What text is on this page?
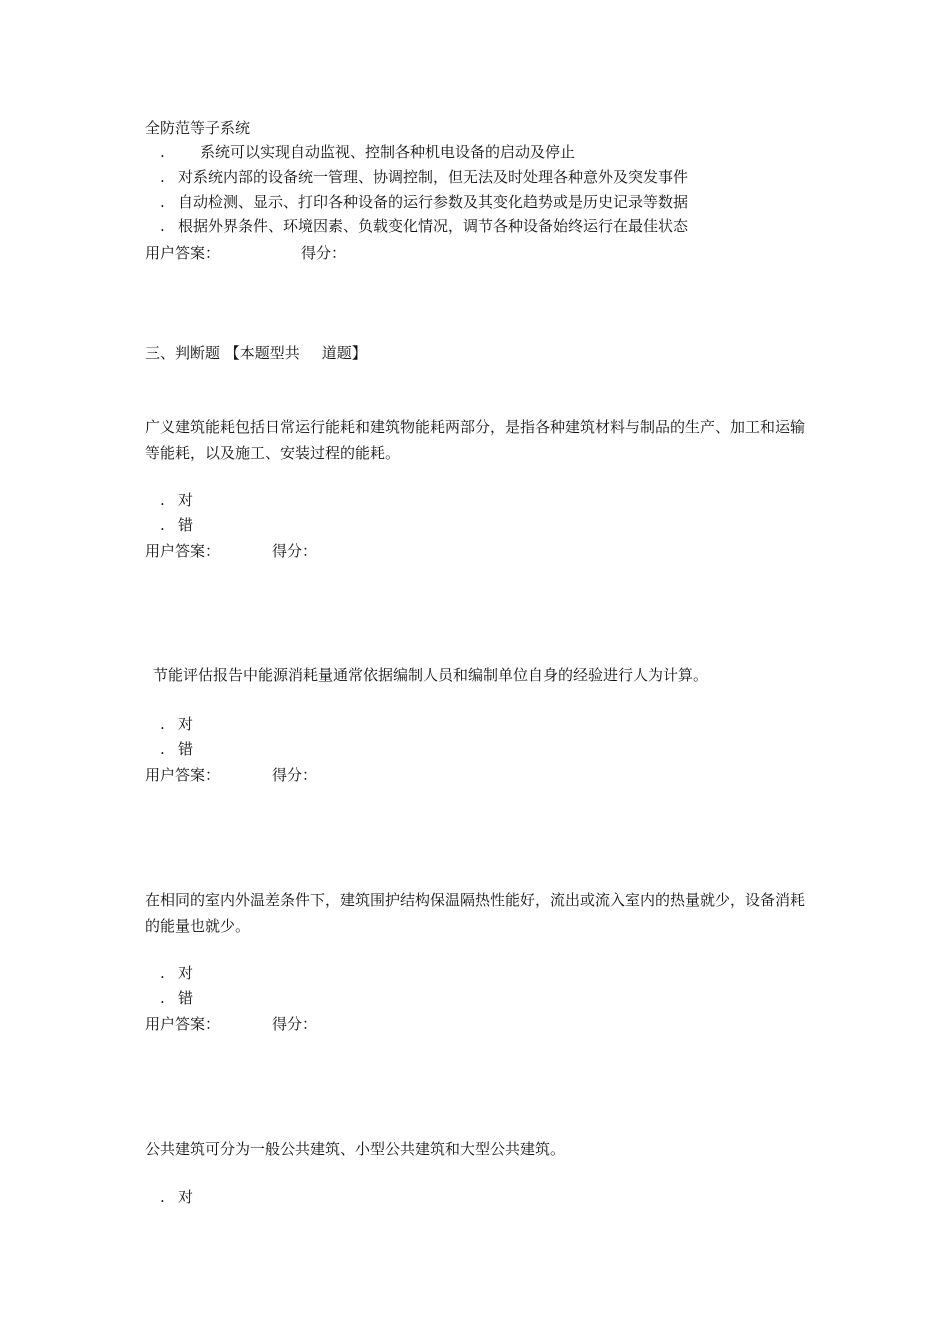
全防范等子系统
. 系统可以实现自动监视、控制各种机电设备的启动及停止
. 对系统内部的设备统一管理、协调控制，但无法及时处理各种意外及突发事件
. 自动检测、显示、打印各种设备的运行参数及其变化趋势或是历史记录等数据
. 根据外界条件、环境因素、负载变化情况，调节各种设备始终运行在最佳状态
用户答案：	得分：
三、判断题 【本题型共 道题】
广义建筑能耗包括日常运行能耗和建筑物能耗两部分，是指各种建筑材料与制品的生产、加工和运输等能耗，以及施工、安装过程的能耗。
. 对
. 错
用户答案：	得分：
节能评估报告中能源消耗量通常依据编制人员和编制单位自身的经验进行人为计算。
. 对
. 错
用户答案：	得分：
在相同的室内外温差条件下，建筑围护结构保温隔热性能好，流出或流入室内的热量就少，设备消耗的能量也就少。
. 对
. 错
用户答案：	得分：
公共建筑可分为一般公共建筑、小型公共建筑和大型公共建筑。
. 对
